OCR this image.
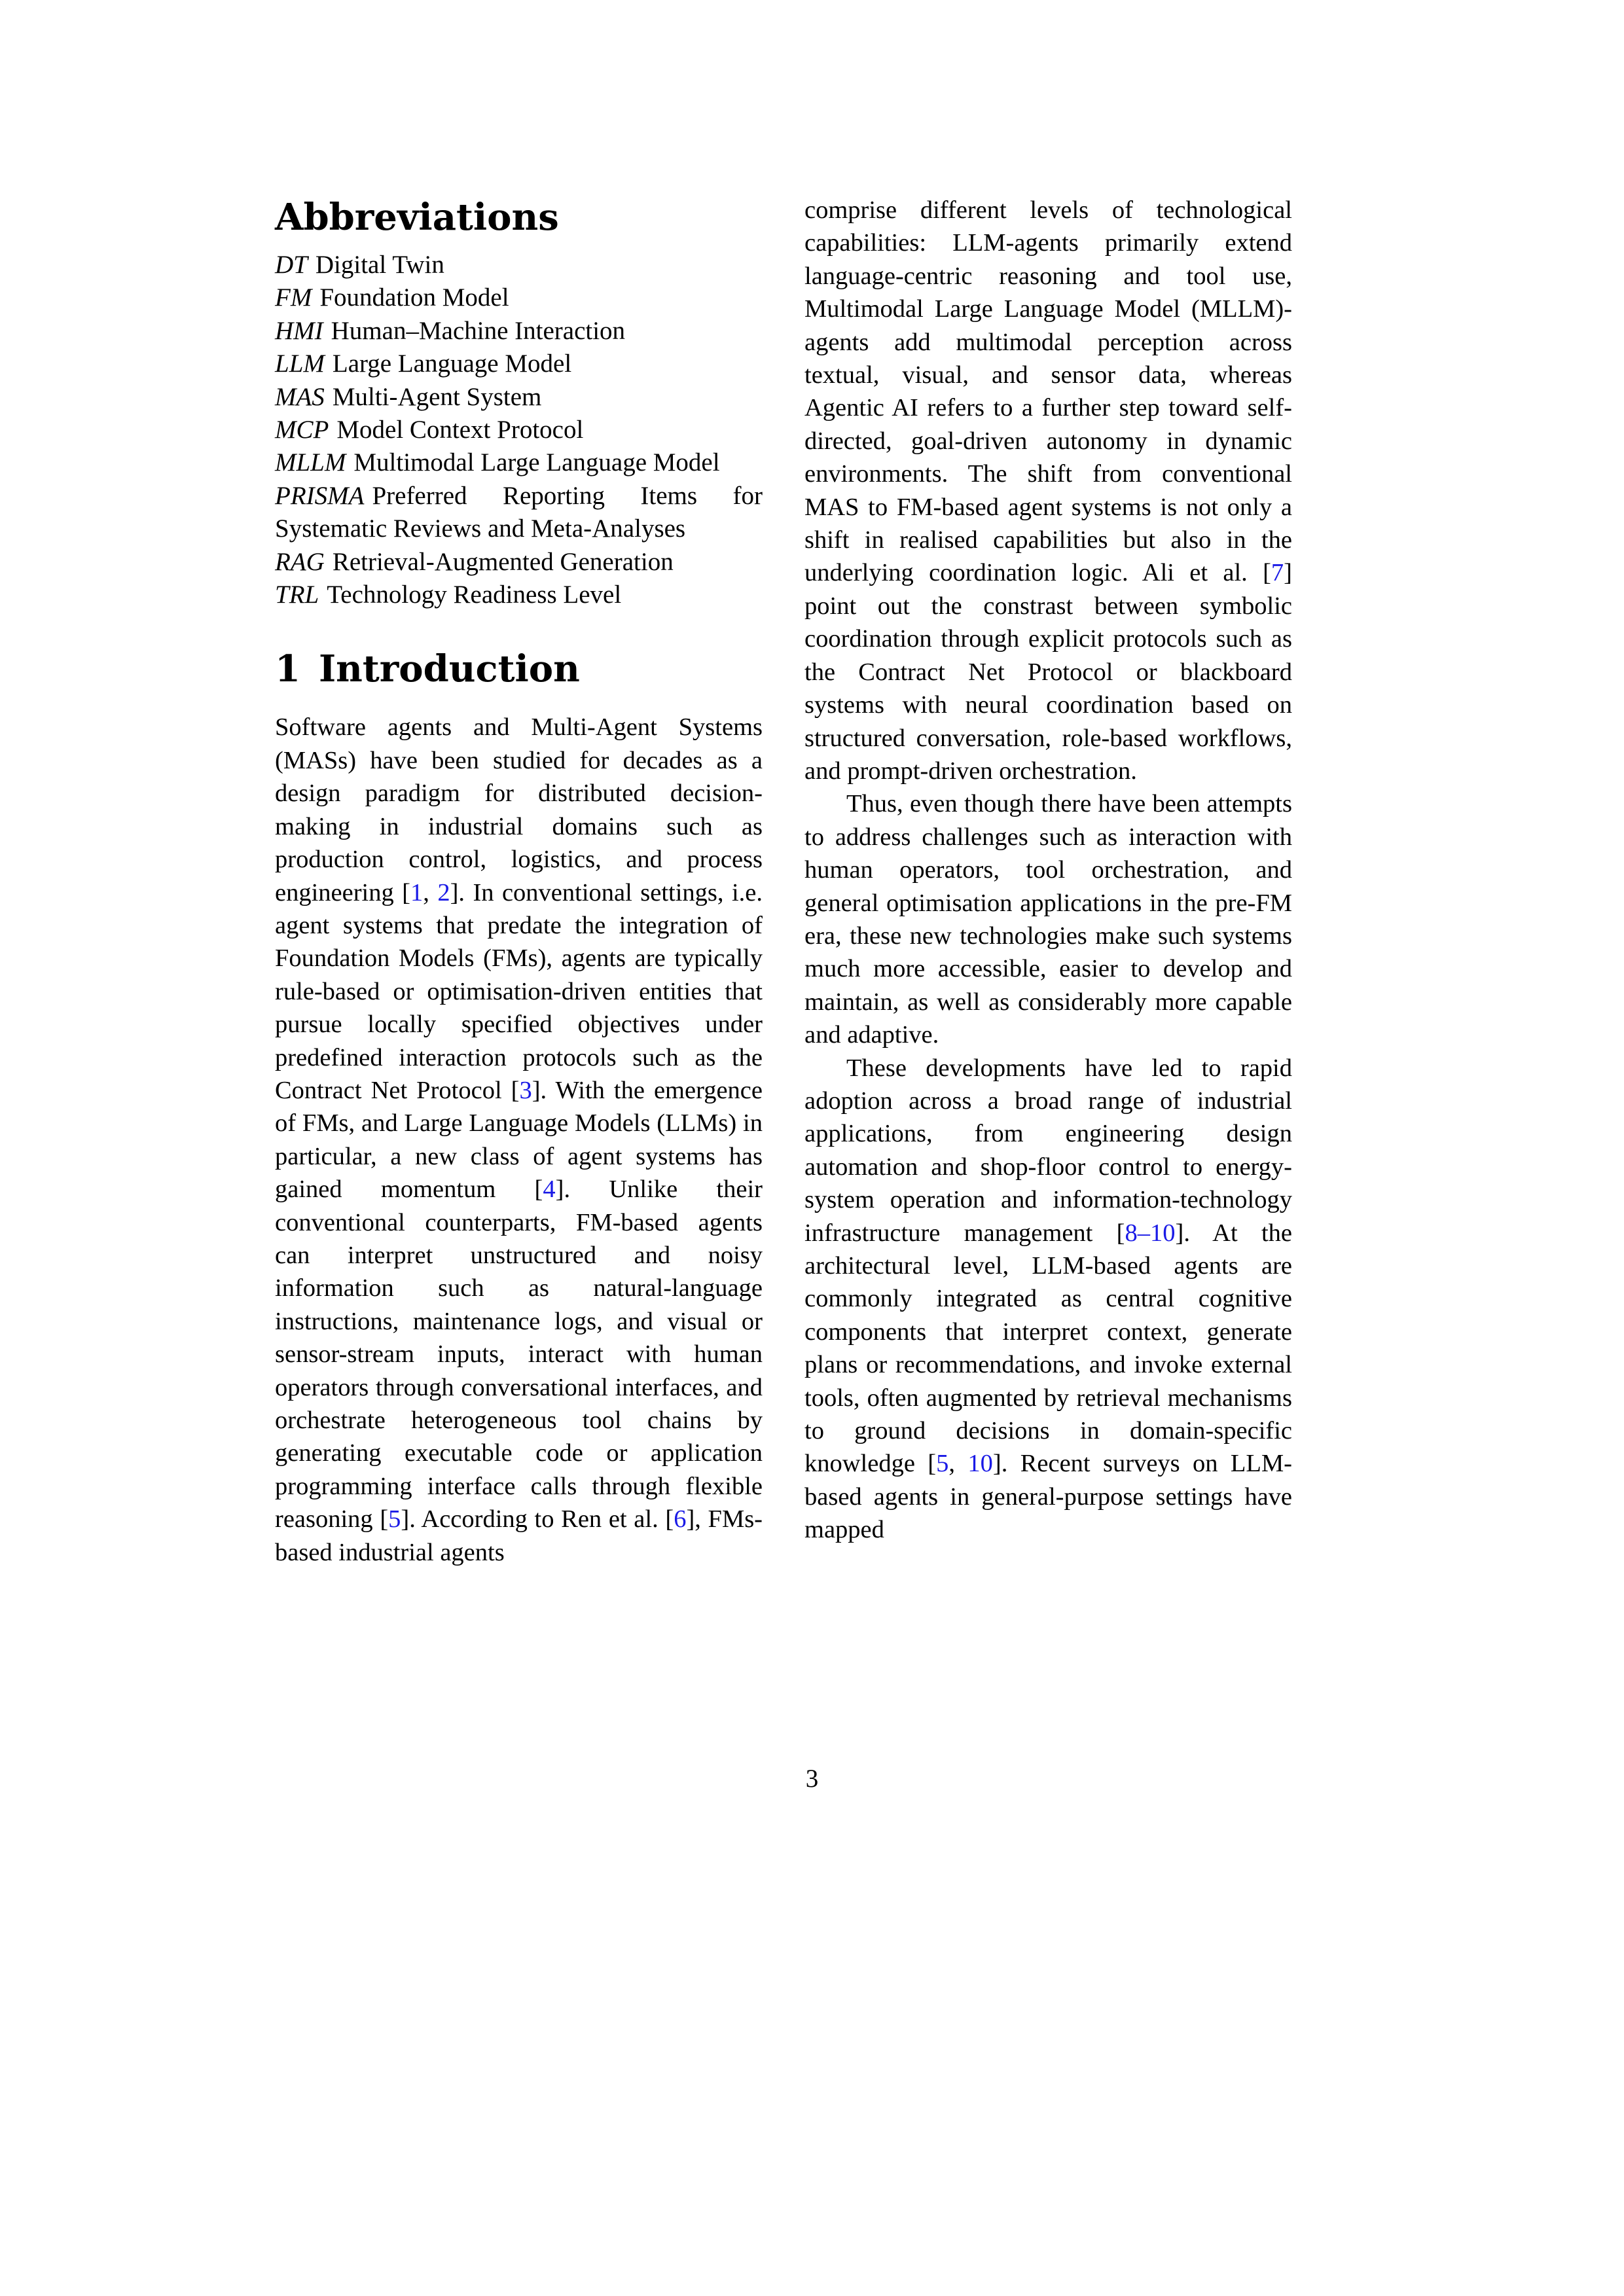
Abbreviations
DT Digital Twin
FM Foundation Model
HMI Human–Machine Interaction
LLM Large Language Model
MAS Multi-Agent System
MCP Model Context Protocol
MLLM Multimodal Large Language Model
PRISMA Preferred Reporting Items for Systematic Reviews and Meta-Analyses
RAG Retrieval-Augmented Generation
TRL Technology Readiness Level
1 Introduction

Software agents and Multi-Agent Systems (MASs) have been studied for decades as a design paradigm for distributed decision-making in industrial domains such as production control, logistics, and process engineering [1, 2]. In conventional settings, i.e. agent systems that predate the integration of Foundation Models (FMs), agents are typically rule-based or optimisation-driven entities that pursue locally specified objectives under predefined interaction protocols such as the Contract Net Protocol [3]. With the emergence of FMs, and Large Language Models (LLMs) in particular, a new class of agent systems has gained momentum [4]. Unlike their conventional counterparts, FM-based agents can interpret unstructured and noisy information such as natural-language instructions, maintenance logs, and visual or sensor-stream inputs, interact with human operators through conversational interfaces, and orchestrate heterogeneous tool chains by generating executable code or application programming interface calls through flexible reasoning [5]. According to Ren et al. [6], FMs-based industrial agents

comprise different levels of technological capabilities: LLM-agents primarily extend language-centric reasoning and tool use, Multimodal Large Language Model (MLLM)-agents add multimodal perception across textual, visual, and sensor data, whereas Agentic AI refers to a further step toward self-directed, goal-driven autonomy in dynamic environments. The shift from conventional MAS to FM-based agent systems is not only a shift in realised capabilities but also in the underlying coordination logic. Ali et al. [7] point out the constrast between symbolic coordination through explicit protocols such as the Contract Net Protocol or blackboard systems with neural coordination based on structured conversation, role-based workflows, and prompt-driven orchestration.

Thus, even though there have been attempts to address challenges such as interaction with human operators, tool orchestration, and general optimisation applications in the pre-FM era, these new technologies make such systems much more accessible, easier to develop and maintain, as well as considerably more capable and adaptive.

These developments have led to rapid adoption across a broad range of industrial applications, from engineering design automation and shop-floor control to energy-system operation and information-technology infrastructure management [8–10]. At the architectural level, LLM-based agents are commonly integrated as central cognitive components that interpret context, generate plans or recommendations, and invoke external tools, often augmented by retrieval mechanisms to ground decisions in domain-specific knowledge [5, 10]. Recent surveys on LLM-based agents in general-purpose settings have mapped

3
